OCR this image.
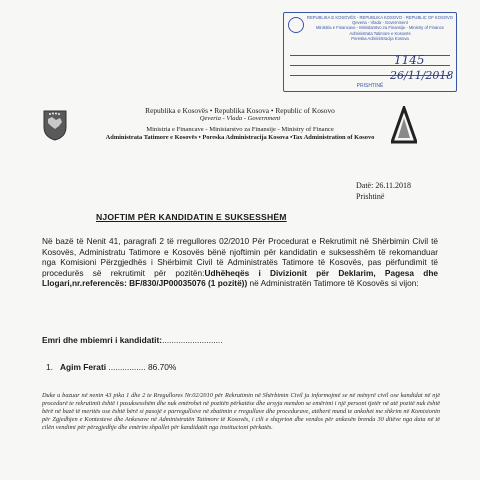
REPUBLIKA E KOSOVËS - REPUBLIKA KOSOVO - REPUBLIC OF KOSOVO
Qeveria - Vlada - Government
Ministria e Financave - Ministarstvo za Finansije - Ministry of Finance
Administrata Tatimore e Kosovës
Poreska Administracija Kosova
1145
26/11/2018
PRISHTINË
Republika e Kosovës • Republika Kosova • Republic of Kosovo
Qeveria - Vlada - Government
Ministria e Financave - Ministarstvo za Finansije - Ministry of Finance
Administrata Tatimore e Kosovës • Poreska Administracija Kosova •Tax Administration of Kosovo
Datë: 26.11.2018
Prishtinë
NJOFTIM PËR KANDIDATIN E SUKSESSHËM
Në bazë të Nenit 41, paragrafi 2 të rregullores 02/2010 Për Procedurat e Rekrutimit në Shërbimin Civil të Kosovës, Administratu Tatimore e Kosovës bënë njoftimin për kandidatin e suksesshëm të rekomanduar nga Komisioni Përzgjedhës i Shërbimit Civil të Administratës Tatimore të Kosovës, pas përfundimit të procedurës së rekrutimit për pozitën:Udhëheqës i Divizionit për Deklarim, Pagesa dhe Llogari,nr.referencës: BF/830/JP00035076 (1 pozitë)) në Administratën Tatimore të Kosovës si vijon:
Emri dhe mbiemri i kandidatit:..........................
1. Agim Ferati ................ 86.70%
Duke u bazuar në nenin 43 pika 1 dhe 2 te Rregullores Nr.02/2010 për Rekrutimin në Shërbimin Civil ju informojmë se në mënyrë civil ose kandidat në një procedurë te rekrutimit është i pasuksesshëm dhe nuk emërohet në pozitën përkatëse dhe arsyja mendon se emërimi i një personi tjetër në atë pozitë nuk është bërë në bazë të meritës ose është bërë si pasojë e parregullsive në zbatimin e rregullave dhe procedurave, atëherë mund te ankohet me shkrim në Komisionin për Zgjedhjen e Kontesteve dhe Ankesave në Administratën Tatimore të Kosovës, i cili e shqyrton dhe vendos për ankesën brenda 30 ditëve nga data në të cilën vendimi për përzgjedhje dhe emërim shpallet për kandidatët nga institucioni përkatës.
